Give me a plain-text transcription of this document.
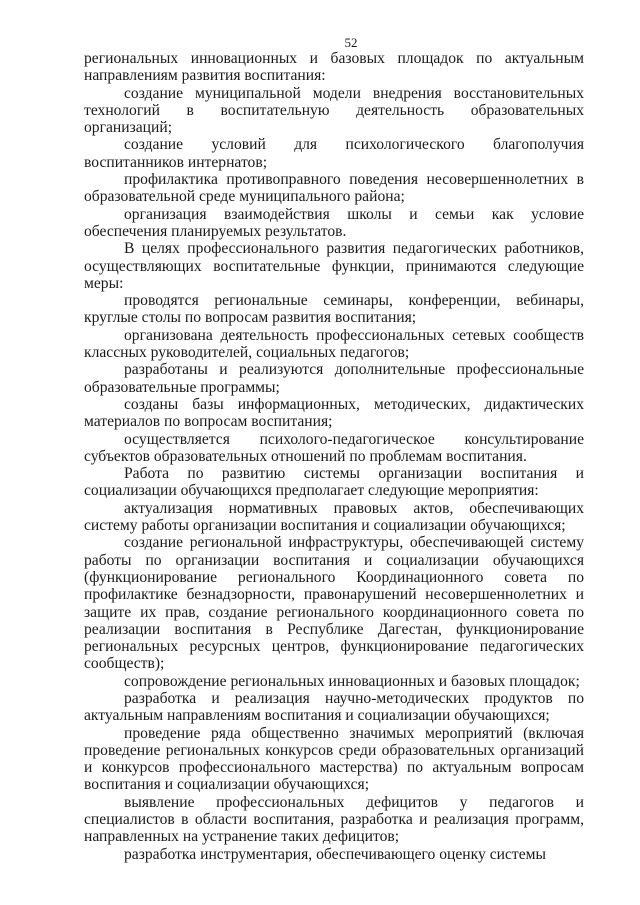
52

региональных инновационных и базовых площадок по актуальным направлениям развития воспитания:

создание муниципальной модели внедрения восстановительных технологий в воспитательную деятельность образовательных организаций;

создание условий для психологического благополучия воспитанников интернатов;

профилактика противоправного поведения несовершеннолетних в образовательной среде муниципального района;

организация взаимодействия школы и семьи как условие обеспечения планируемых результатов.

В целях профессионального развития педагогических работников, осуществляющих воспитательные функции, принимаются следующие меры:

проводятся региональные семинары, конференции, вебинары, круглые столы по вопросам развития воспитания;

организована деятельность профессиональных сетевых сообществ классных руководителей, социальных педагогов;

разработаны и реализуются дополнительные профессиональные образовательные программы;

созданы базы информационных, методических, дидактических материалов по вопросам воспитания;

осуществляется психолого-педагогическое консультирование субъектов образовательных отношений по проблемам воспитания.

Работа по развитию системы организации воспитания и социализации обучающихся предполагает следующие мероприятия:

актуализация нормативных правовых актов, обеспечивающих систему работы организации воспитания и социализации обучающихся;

создание региональной инфраструктуры, обеспечивающей систему работы по организации воспитания и социализации обучающихся (функционирование регионального Координационного совета по профилактике безнадзорности, правонарушений несовершеннолетних и защите их прав, создание регионального координационного совета по реализации воспитания в Республике Дагестан, функционирование региональных ресурсных центров, функционирование педагогических сообществ);

сопровождение региональных инновационных и базовых площадок;

разработка и реализация научно-методических продуктов по актуальным направлениям воспитания и социализации обучающихся;

проведение ряда общественно значимых мероприятий (включая проведение региональных конкурсов среди образовательных организаций и конкурсов профессионального мастерства) по актуальным вопросам воспитания и социализации обучающихся;

выявление профессиональных дефицитов у педагогов и специалистов в области воспитания, разработка и реализация программ, направленных на устранение таких дефицитов;

разработка инструментария, обеспечивающего оценку системы
